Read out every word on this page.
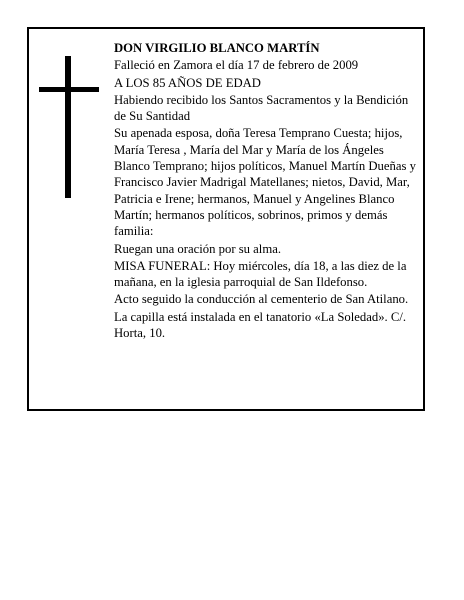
DON VIRGILIO BLANCO MARTÍN

Falleció en Zamora el día 17 de febrero de 2009

A LOS 85 AÑOS DE EDAD

Habiendo recibido los Santos Sacramentos y la Bendición de Su Santidad

Su apenada esposa, doña Teresa Temprano Cuesta; hijos, María Teresa , María del Mar y María de los Ángeles Blanco Temprano; hijos políticos, Manuel Martín Dueñas y Francisco Javier Madrigal Matellanes; nietos, David, Mar, Patricia e Irene; hermanos, Manuel y Angelines Blanco Martín; hermanos políticos, sobrinos, primos y demás familia:

Ruegan una oración por su alma.

MISA FUNERAL: Hoy miércoles, día 18, a las diez de la mañana, en la iglesia parroquial de San Ildefonso.

Acto seguido la conducción al cementerio de San Atilano.

La capilla está instalada en el tanatorio «La Soledad». C/. Horta, 10.
